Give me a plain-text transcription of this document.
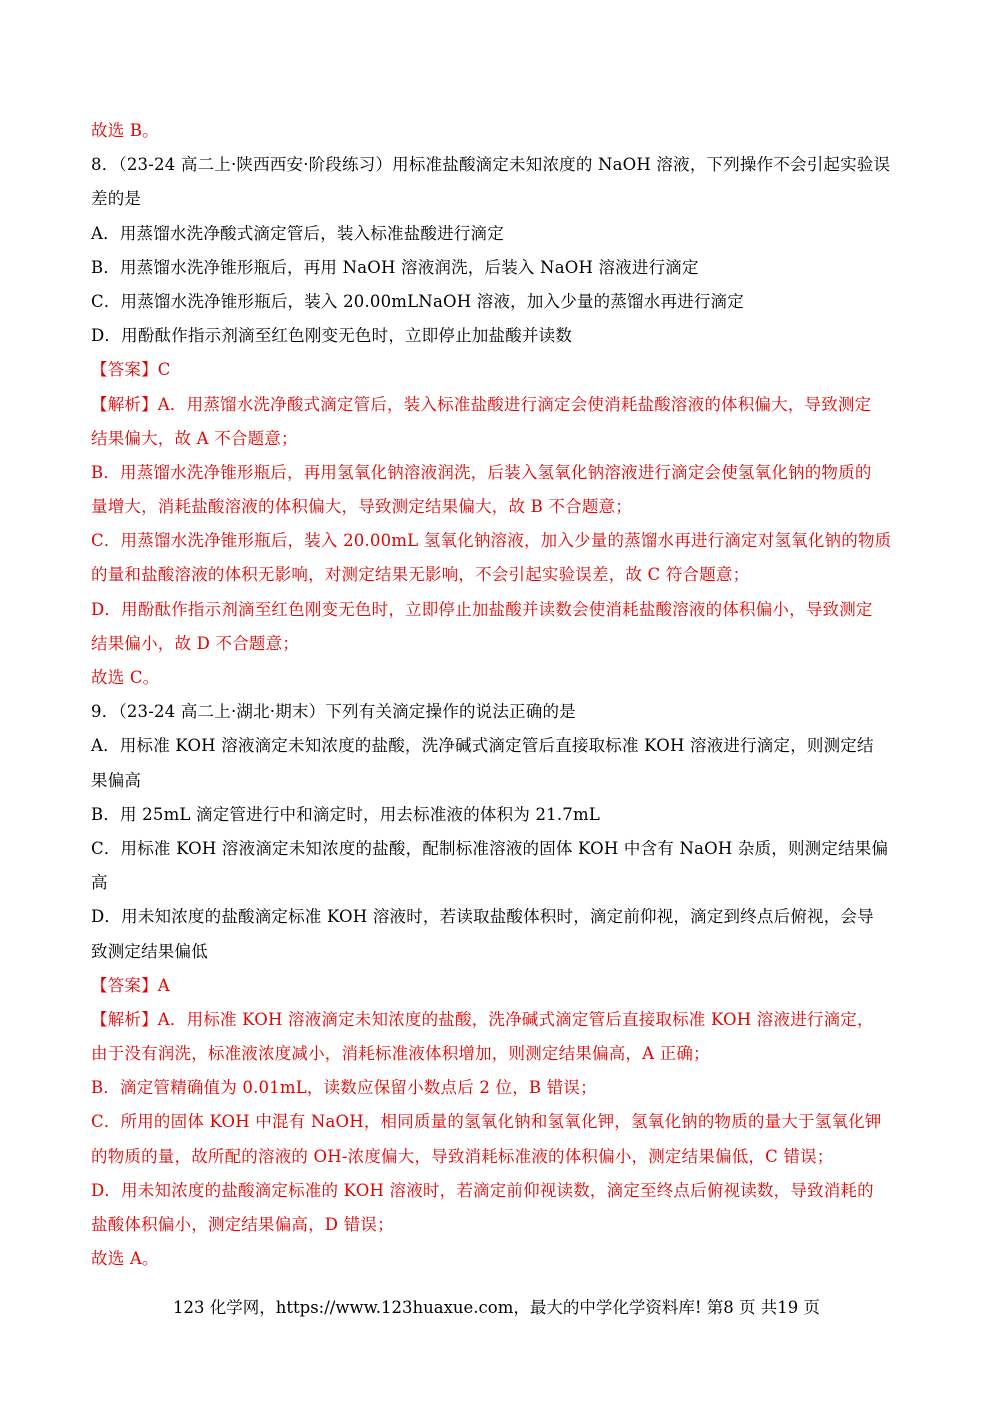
故选 B。
8．（23-24 高二上·陕西西安·阶段练习）用标准盐酸滴定未知浓度的 NaOH 溶液，下列操作不会引起实验误
差的是
A．用蒸馏水洗净酸式滴定管后，装入标准盐酸进行滴定
B．用蒸馏水洗净锥形瓶后，再用 NaOH 溶液润洗，后装入 NaOH 溶液进行滴定
C．用蒸馏水洗净锥形瓶后，装入 20.00mLNaOH 溶液，加入少量的蒸馏水再进行滴定
D．用酚酞作指示剂滴至红色刚变无色时，立即停止加盐酸并读数
【答案】C
【解析】A．用蒸馏水洗净酸式滴定管后，装入标准盐酸进行滴定会使消耗盐酸溶液的体积偏大，导致测定
结果偏大，故 A 不合题意；
B．用蒸馏水洗净锥形瓶后，再用氢氧化钠溶液润洗，后装入氢氧化钠溶液进行滴定会使氢氧化钠的物质的
量增大，消耗盐酸溶液的体积偏大，导致测定结果偏大，故 B 不合题意；
C．用蒸馏水洗净锥形瓶后，装入 20.00mL 氢氧化钠溶液，加入少量的蒸馏水再进行滴定对氢氧化钠的物质
的量和盐酸溶液的体积无影响，对测定结果无影响，不会引起实验误差，故 C 符合题意；
D．用酚酞作指示剂滴至红色刚变无色时，立即停止加盐酸并读数会使消耗盐酸溶液的体积偏小，导致测定
结果偏小，故 D 不合题意；
故选 C。
9．（23-24 高二上·湖北·期末）下列有关滴定操作的说法正确的是
A．用标准 KOH 溶液滴定未知浓度的盐酸，洗净碱式滴定管后直接取标准 KOH 溶液进行滴定，则测定结
果偏高
B．用 25mL 滴定管进行中和滴定时，用去标准液的体积为 21.7mL
C．用标准 KOH 溶液滴定未知浓度的盐酸，配制标准溶液的固体 KOH 中含有 NaOH 杂质，则测定结果偏
高
D．用未知浓度的盐酸滴定标准 KOH 溶液时，若读取盐酸体积时，滴定前仰视，滴定到终点后俯视，会导
致测定结果偏低
【答案】A
【解析】A．用标准 KOH 溶液滴定未知浓度的盐酸，洗净碱式滴定管后直接取标准 KOH 溶液进行滴定，
由于没有润洗，标准液浓度减小，消耗标准液体积增加，则测定结果偏高，A 正确；
B．滴定管精确值为 0.01mL，读数应保留小数点后 2 位，B 错误；
C．所用的固体 KOH 中混有 NaOH，相同质量的氢氧化钠和氢氧化钾，氢氧化钠的物质的量大于氢氧化钾
的物质的量，故所配的溶液的 OH-浓度偏大，导致消耗标准液的体积偏小，测定结果偏低，C 错误；
D．用未知浓度的盐酸滴定标准的 KOH 溶液时，若滴定前仰视读数，滴定至终点后俯视读数，导致消耗的
盐酸体积偏小，测定结果偏高，D 错误；
故选 A。
123 化学网，https://www.123huaxue.com，最大的中学化学资料库! 第8 页 共19 页
